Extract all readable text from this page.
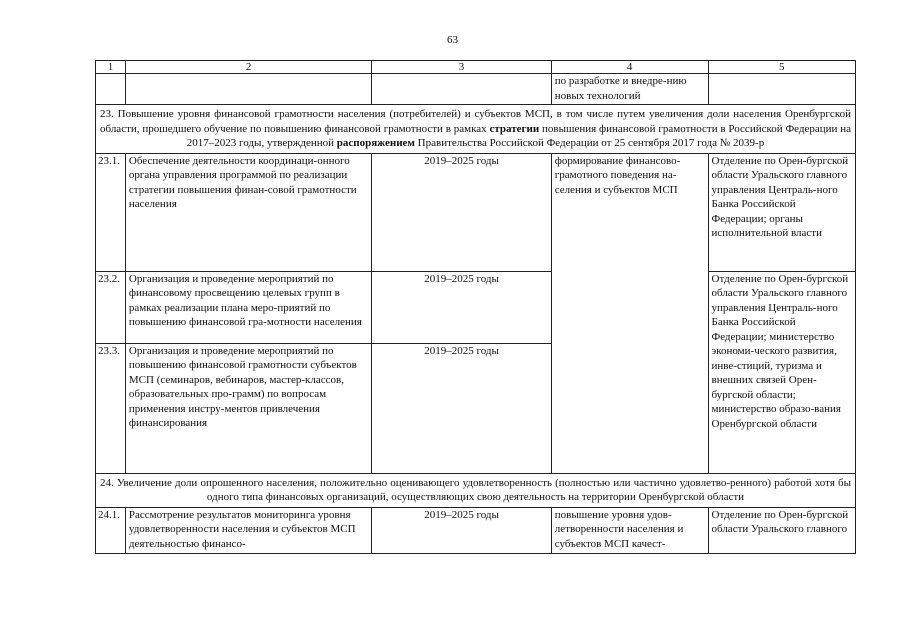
63
1	2	3	4	5
			по разработке и внедре-нию новых технологий	
23. Повышение уровня финансовой грамотности населения (потребителей) и субъектов МСП, в том числе путем увеличения доли населения Оренбургской области, прошедшего обучение по повышению финансовой грамотности в рамках стратегии повышения финансовой грамотности в Российской Федерации на 2017–2023 годы, утвержденной распоряжением Правительства Российской Федерации от 25 сентября 2017 года № 2039-р				
23.1.	Обеспечение деятельности координаци-онного органа управления программой по реализации стратегии повышения финан-совой грамотности населения	2019–2025 годы	формирование финансово-грамотного поведения на-селения и субъектов МСП	Отделение по Орен-бургской области Уральского главного управления Централь-ного Банка Российской Федерации; органы исполнительной власти
23.2.	Организация и проведение мероприятий по финансовому просвещению целевых групп в рамках реализации плана меро-приятий по повышению финансовой гра-мотности населения	2019–2025 годы		Отделение по Орен-бургской области Уральского главного управления Централь-ного Банка Российской Федерации; министерство экономи-ческого развития, инве-стиций, туризма и внешних связей Орен-бургской области; министерство образо-вания Оренбургской области
23.3.	Организация и проведение мероприятий по повышению финансовой грамотности субъектов МСП (семинаров, вебинаров, мастер-классов, образовательных про-грамм) по вопросам применения инстру-ментов привлечения финансирования	2019–2025 годы		
24. Увеличение доли опрошенного населения, положительно оценивающего удовлетворенность (полностью или частично удовлетво-ренного) работой хотя бы одного типа финансовых организаций, осуществляющих свою деятельность на территории Оренбургской области				
24.1.	Рассмотрение результатов мониторинга уровня удовлетворенности населения и субъектов МСП деятельностью финансо-	2019–2025 годы	повышение уровня удов-летворенности населения и субъектов МСП качест-	Отделение по Орен-бургской области Уральского главного
